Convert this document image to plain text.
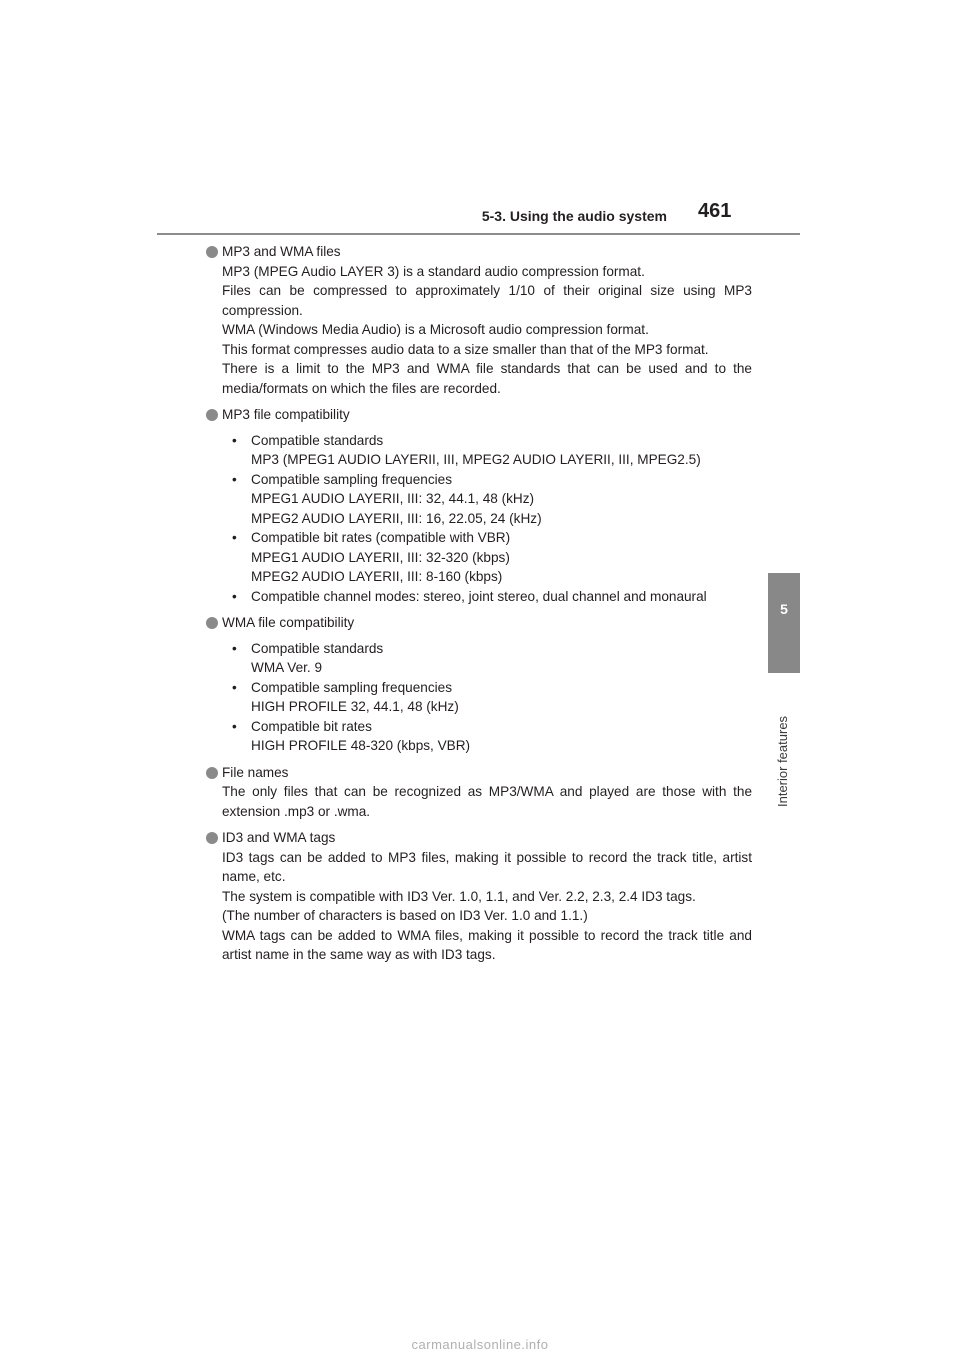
5-3. Using the audio system 461
5
Interior features
MP3 and WMA files
MP3 (MPEG Audio LAYER 3) is a standard audio compression format.
Files can be compressed to approximately 1/10 of their original size using MP3 compression.
WMA (Windows Media Audio) is a Microsoft audio compression format.
This format compresses audio data to a size smaller than that of the MP3 format.
There is a limit to the MP3 and WMA file standards that can be used and to the media/formats on which the files are recorded.
MP3 file compatibility
• Compatible standards
MP3 (MPEG1 AUDIO LAYERII, III, MPEG2 AUDIO LAYERII, III, MPEG2.5)
• Compatible sampling frequencies
MPEG1 AUDIO LAYERII, III: 32, 44.1, 48 (kHz)
MPEG2 AUDIO LAYERII, III: 16, 22.05, 24 (kHz)
• Compatible bit rates (compatible with VBR)
MPEG1 AUDIO LAYERII, III: 32-320 (kbps)
MPEG2 AUDIO LAYERII, III: 8-160 (kbps)
• Compatible channel modes: stereo, joint stereo, dual channel and monaural
WMA file compatibility
• Compatible standards
WMA Ver. 9
• Compatible sampling frequencies
HIGH PROFILE 32, 44.1, 48 (kHz)
• Compatible bit rates
HIGH PROFILE 48-320 (kbps, VBR)
File names
The only files that can be recognized as MP3/WMA and played are those with the extension .mp3 or .wma.
ID3 and WMA tags
ID3 tags can be added to MP3 files, making it possible to record the track title, artist name, etc.
The system is compatible with ID3 Ver. 1.0, 1.1, and Ver. 2.2, 2.3, 2.4 ID3 tags.
(The number of characters is based on ID3 Ver. 1.0 and 1.1.)
WMA tags can be added to WMA files, making it possible to record the track title and artist name in the same way as with ID3 tags.
carmanualsonline.info
